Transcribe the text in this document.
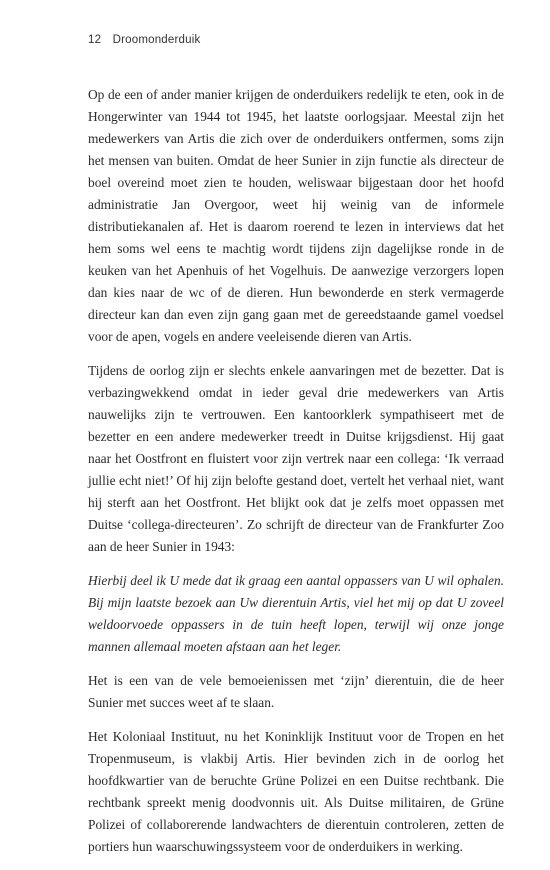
12 Droomonderduik

Op de een of ander manier krijgen de onderduikers redelijk te eten, ook in de Hongerwinter van 1944 tot 1945, het laatste oorlogsjaar. Meestal zijn het medewerkers van Artis die zich over de onderduikers ontfermen, soms zijn het mensen van buiten. Omdat de heer Sunier in zijn functie als directeur de boel overeind moet zien te houden, weliswaar bijgestaan door het hoofd administratie Jan Overgoor, weet hij weinig van de informele distributiekanalen af. Het is daarom roerend te lezen in interviews dat het hem soms wel eens te machtig wordt tijdens zijn dagelijkse ronde in de keuken van het Apenhuis of het Vogelhuis. De aanwezige verzorgers lopen dan kies naar de wc of de dieren. Hun bewonderde en sterk vermagerde directeur kan dan even zijn gang gaan met de gereedstaande gamel voedsel voor de apen, vogels en andere veeleisende dieren van Artis.

Tijdens de oorlog zijn er slechts enkele aanvaringen met de bezetter. Dat is verbazingwekkend omdat in ieder geval drie medewerkers van Artis nauwelijks zijn te vertrouwen. Een kantoorklerk sympathiseert met de bezetter en een andere medewerker treedt in Duitse krijgsdienst. Hij gaat naar het Oostfront en fluistert voor zijn vertrek naar een collega: ‘Ik verraad jullie echt niet!’ Of hij zijn belofte gestand doet, vertelt het verhaal niet, want hij sterft aan het Oostfront. Het blijkt ook dat je zelfs moet oppassen met Duitse ‘collega-directeuren’. Zo schrijft de directeur van de Frankfurter Zoo aan de heer Sunier in 1943:

Hierbij deel ik U mede dat ik graag een aantal oppassers van U wil ophalen. Bij mijn laatste bezoek aan Uw dierentuin Artis, viel het mij op dat U zoveel weldoorvoede oppassers in de tuin heeft lopen, terwijl wij onze jonge mannen allemaal moeten afstaan aan het leger.

Het is een van de vele bemoeienissen met ‘zijn’ dierentuin, die de heer Sunier met succes weet af te slaan.

Het Koloniaal Instituut, nu het Koninklijk Instituut voor de Tropen en het Tropenmuseum, is vlakbij Artis. Hier bevinden zich in de oorlog het hoofdkwartier van de beruchte Grüne Polizei en een Duitse rechtbank. Die rechtbank spreekt menig doodvonnis uit. Als Duitse militairen, de Grüne Polizei of collaborerende landwachters de dierentuin controleren, zetten de portiers hun waarschuwingssysteem voor de onderduikers in werking.
